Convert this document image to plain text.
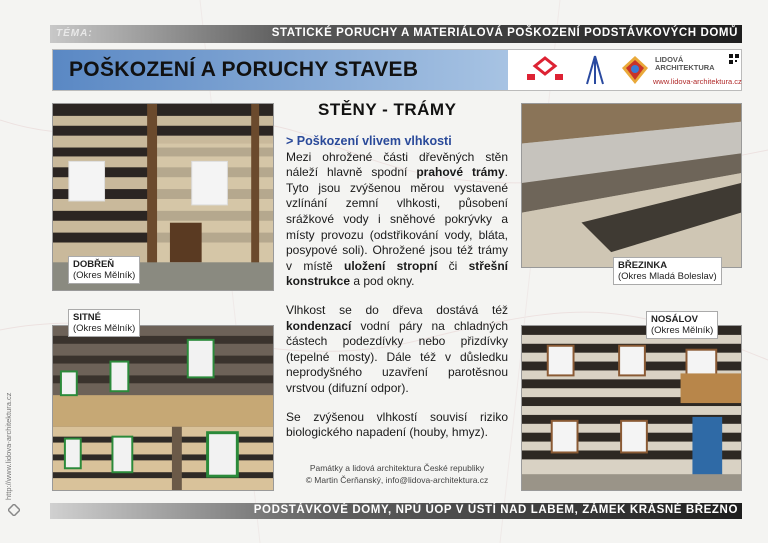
TÉMA:	STATICKÉ PORUCHY A MATERIÁLOVÁ POŠKOZENÍ PODSTÁVKOVÝCH DOMŮ
POŠKOZENÍ A PORUCHY STAVEB	LIDOVÁ
ARCHITEKTURA
www.lidova-architektura.cz
DOBŘEŇ
(Okres Mělník)
SITNÉ
(Okres Mělník)
BŘEZINKA
(Okres Mladá Boleslav)
NOSÁLOV
(Okres Mělník)
STĚNY - TRÁMY
> Poškození vlivem vlhkosti

Mezi ohrožené části dřevěných stěn náleží hlavně spodní prahové trámy. Tyto jsou zvýšenou měrou vystavené vzlínání zemní vlhkosti, působení srážkové vody i sněhové pokrývky a místy provozu (odstřikování vody, bláta, posypové soli). Ohrožené jsou též trámy v místě uložení stropní či střešní konstrukce a pod okny.

Vlhkost se do dřeva dostává též kondenzací vodní páry na chladných částech podezdívky nebo přizdívky (tepelné mosty). Dále též v důsledku neprodyšného uzavření parotěsnou vrstvou (difuzní odpor).

Se zvýšenou vlhkostí souvisí riziko biologického napadení (houby, hmyz).

Památky a lidová architektura České republiky
© Martin Čerňanský, info@lidova-architektura.cz
PODSTÁVKOVÉ DOMY, NPÚ ÚOP V ÚSTÍ NAD LABEM, ZÁMEK KRÁSNÉ BŘEZNO
http://www.lidova-architektura.cz
